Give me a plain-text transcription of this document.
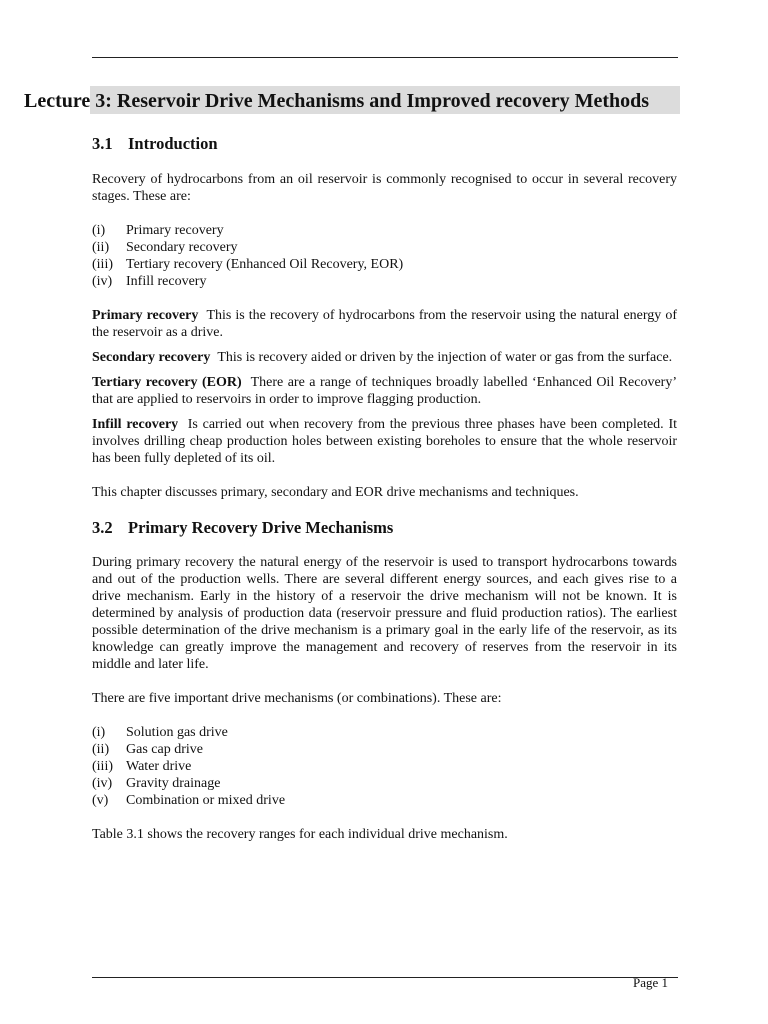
Lecture 3: Reservoir Drive Mechanisms and Improved recovery Methods
3.1 Introduction

Recovery of hydrocarbons from an oil reservoir is commonly recognised to occur in several recovery stages. These are:

(i)	Primary recovery
(ii)	Secondary recovery
(iii) Tertiary recovery (Enhanced Oil Recovery, EOR)
(iv) Infill recovery

Primary recovery This is the recovery of hydrocarbons from the reservoir using the natural energy of the reservoir as a drive.

Secondary recovery This is recovery aided or driven by the injection of water or gas from the surface.

Tertiary recovery (EOR) There are a range of techniques broadly labelled ‘Enhanced Oil Recovery’ that are applied to reservoirs in order to improve flagging production.

Infill recovery Is carried out when recovery from the previous three phases have been completed. It involves drilling cheap production holes between existing boreholes to ensure that the whole reservoir has been fully depleted of its oil.

This chapter discusses primary, secondary and EOR drive mechanisms and techniques.

3.2 Primary Recovery Drive Mechanisms

During primary recovery the natural energy of the reservoir is used to transport hydrocarbons towards and out of the production wells. There are several different energy sources, and each gives rise to a drive mechanism. Early in the history of a reservoir the drive mechanism will not be known. It is determined by analysis of production data (reservoir pressure and fluid production ratios). The earliest possible determination of the drive mechanism is a primary goal in the early life of the reservoir, as its knowledge can greatly improve the management and recovery of reserves from the reservoir in its middle and later life.

There are five important drive mechanisms (or combinations). These are:

(i)	Solution gas drive
(ii)	Gas cap drive
(iii) Water drive
(iv) Gravity drainage
(v)	Combination or mixed drive

Table 3.1 shows the recovery ranges for each individual drive mechanism.

Page 1
